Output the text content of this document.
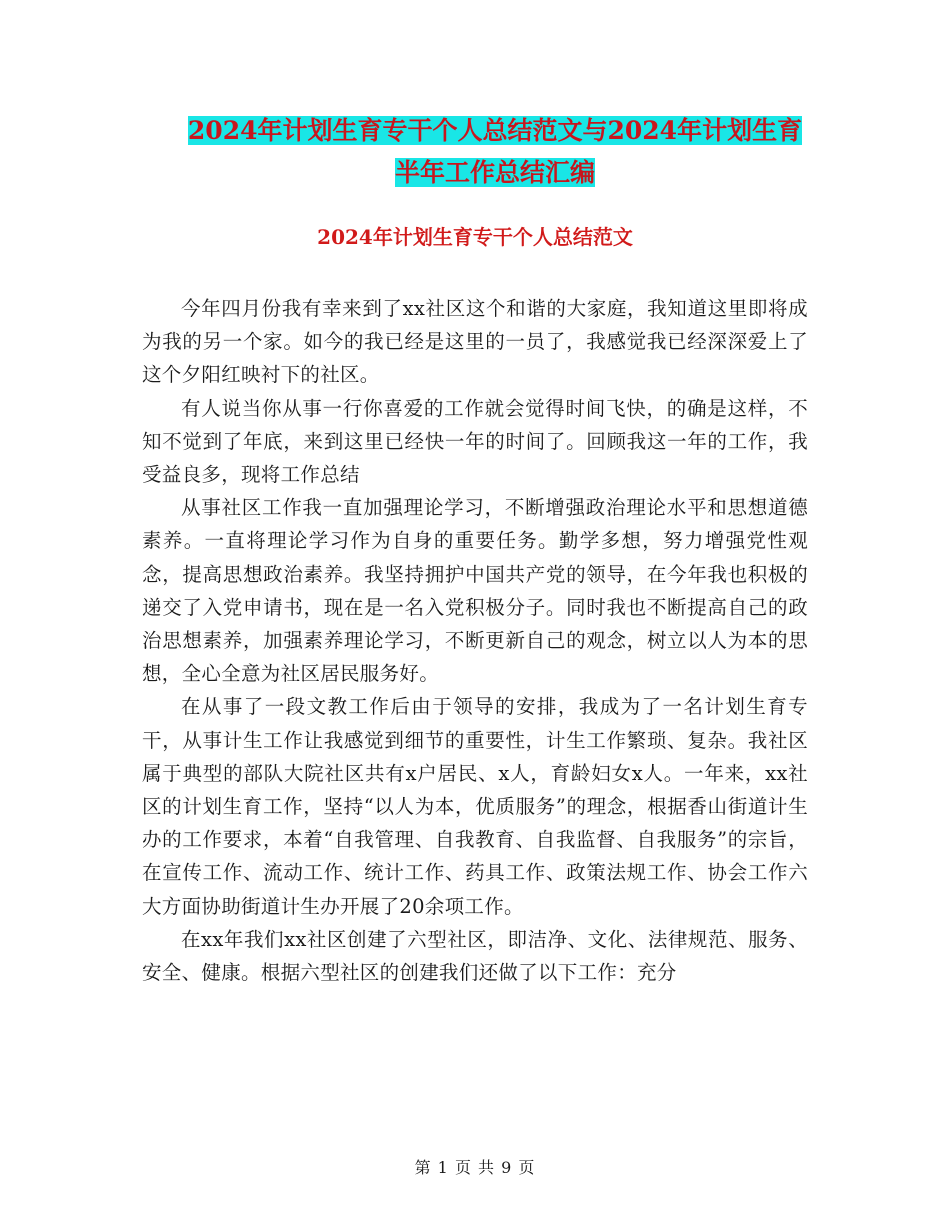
2024年计划生育专干个人总结范文与2024年计划生育
半年工作总结汇编
2024年计划生育专干个人总结范文

今年四月份我有幸来到了xx社区这个和谐的大家庭，我知道这里即将成为我的另一个家。如今的我已经是这里的一员了，我感觉我已经深深爱上了这个夕阳红映衬下的社区。

有人说当你从事一行你喜爱的工作就会觉得时间飞快，的确是这样，不知不觉到了年底，来到这里已经快一年的时间了。回顾我这一年的工作，我受益良多，现将工作总结

从事社区工作我一直加强理论学习，不断增强政治理论水平和思想道德素养。一直将理论学习作为自身的重要任务。勤学多想，努力增强党性观念，提高思想政治素养。我坚持拥护中国共产党的领导，在今年我也积极的递交了入党申请书，现在是一名入党积极分子。同时我也不断提高自己的政治思想素养，加强素养理论学习，不断更新自己的观念，树立以人为本的思想，全心全意为社区居民服务好。

在从事了一段文教工作后由于领导的安排，我成为了一名计划生育专干，从事计生工作让我感觉到细节的重要性，计生工作繁琐、复杂。我社区属于典型的部队大院社区共有x户居民、x人，育龄妇女x人。一年来，xx社区的计划生育工作，坚持“以人为本，优质服务”的理念，根据香山街道计生办的工作要求，本着“自我管理、自我教育、自我监督、自我服务”的宗旨，在宣传工作、流动工作、统计工作、药具工作、政策法规工作、协会工作六大方面协助街道计生办开展了20余项工作。

在xx年我们xx社区创建了六型社区，即洁净、文化、法律规范、服务、安全、健康。根据六型社区的创建我们还做了以下工作：充分

第 1 页 共 9 页
